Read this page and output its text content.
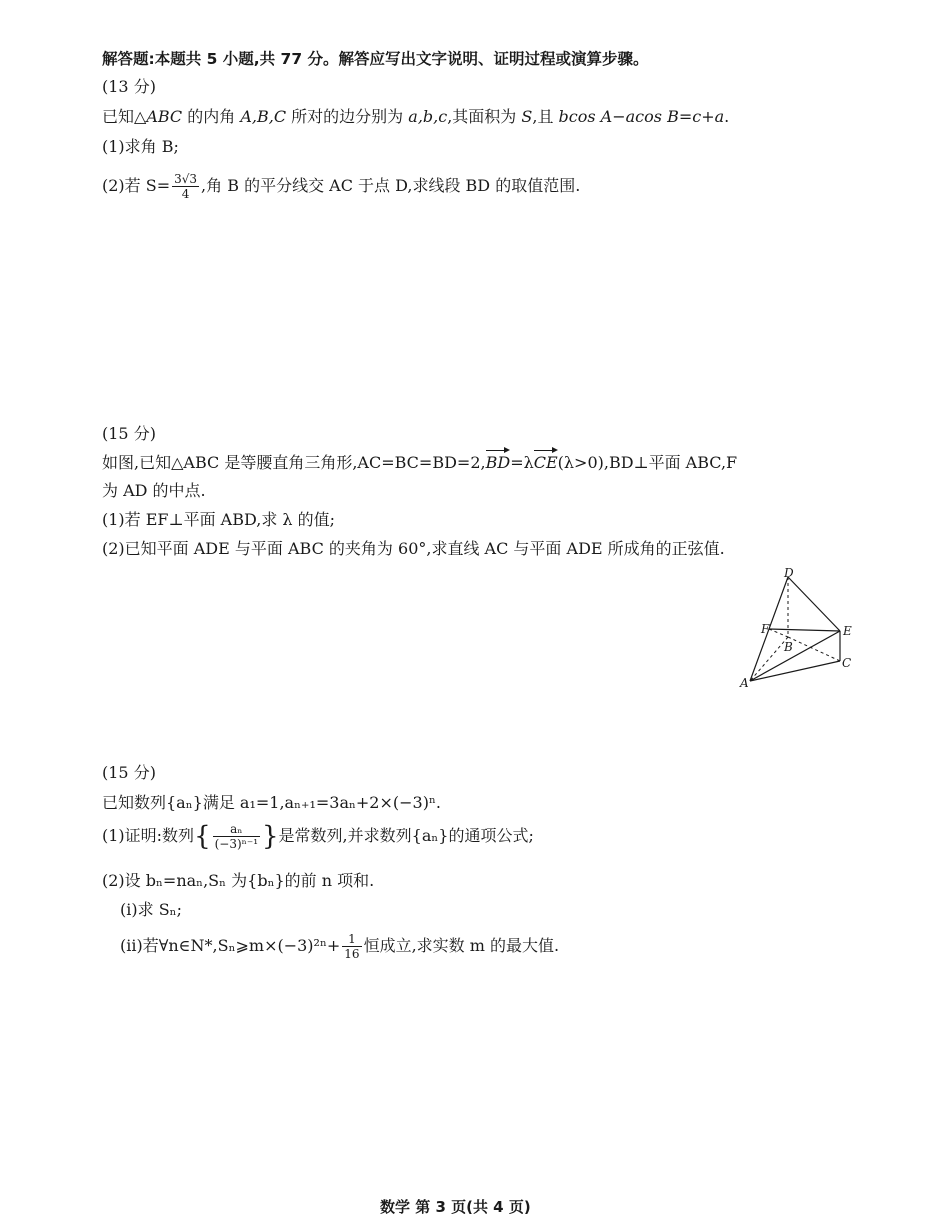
解答题:本题共 5 小题,共 77 分。解答应写出文字说明、证明过程或演算步骤。
(13 分)
已知△ABC 的内角 A,B,C 所对的边分别为 a,b,c,其面积为 S,且 bcos A−acos B=c+a.
(1)求角 B;
(2)若 $S= \frac{3√3}{4}$ ,角 B 的平分线交 AC 于点 D,求线段 BD 的取值范围.
(15 分)
如图,已知△ABC 是等腰直角三角形,AC=BC=BD=2,BD=λCE(λ>0),BD⊥平面 ABC,F
为 AD 的中点.
(1)若 EF⊥平面 ABD,求 λ 的值;
(2)已知平面 ADE 与平面 ABC 的夹角为 60°,求直线 AC 与平面 ADE 所成角的正弦值.
D
F
B
E
C
A
(15 分)
已知数列{aₙ}满足 a₁=1,aₙ₊₁=3aₙ+2×(−3)ⁿ.
(1)证明:数列{ $\frac{\text{aₙ}}{\text{(−3)ⁿ⁻¹}}$ }是常数列,并求数列{aₙ}的通项公式;
(2)设 bₙ=naₙ,Sₙ 为{bₙ}的前 n 项和.
(i)求 Sₙ;
(ii)若∀n∈N*,Sₙ⩾m×(−3)²ⁿ+ $\frac{1}{16}$ 恒成立,求实数 m 的最大值.
数学 第 3 页(共 4 页)
